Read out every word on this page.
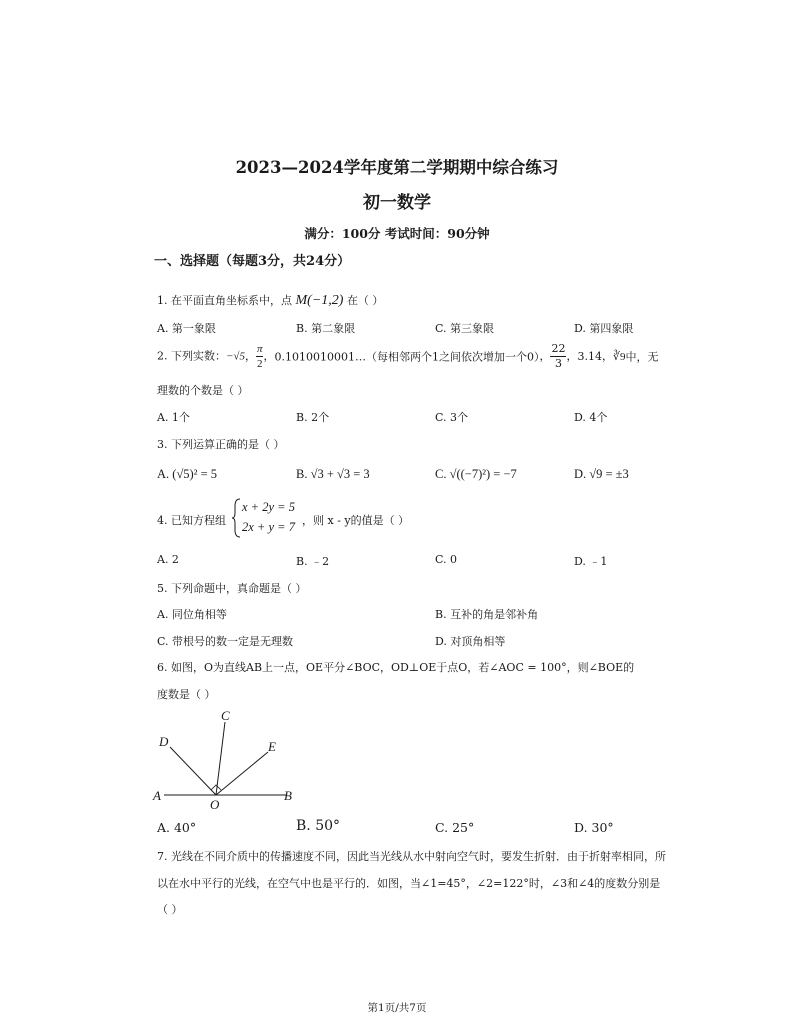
2023—2024学年度第二学期期中综合练习
初一数学
满分：100分 考试时间：90分钟
一、选择题（每题3分，共24分）
1. 在平面直角坐标系中，点 M(−1,2) 在（ ）
A. 第一象限	B. 第二象限	C. 第三象限	D. 第四象限
2. 下列实数：−√5， $\frac{\pi}{2}$ ，0.1010010001…（每相邻两个1之间依次增加一个0）， $\frac{22}{3}$ ，3.14，∛9中，无
理数的个数是（ ）
A. 1个	B. 2个	C. 3个	D. 4个
3. 下列运算正确的是（ ）
A. (√5)² = 5	B. √3 + √3 = 3	C. √((−7)²) = −7	D. √9 = ±3
4. 已知方程组
x + 2y = 5
2x + y = 7 ，则 x - y的值是（ ）
A. 2	B. ﹣2	C. 0	D. ﹣1
5. 下列命题中，真命题是（ ）
A. 同位角相等	B. 互补的角是邻补角
C. 带根号的数一定是无理数	D. 对顶角相等
6. 如图，O为直线AB上一点，OE平分∠BOC，OD⊥OE于点O，若∠AOC = 100°，则∠BOE的
度数是（ ）
C
D	E
A
O
B
A. 40°	B. 50°	C. 25°	D. 30°
7. 光线在不同介质中的传播速度不同，因此当光线从水中射向空气时，要发生折射．由于折射率相同，所
以在水中平行的光线，在空气中也是平行的．如图，当∠1=45°，∠2=122°时，∠3和∠4的度数分别是
（ ）
第1页/共7页
